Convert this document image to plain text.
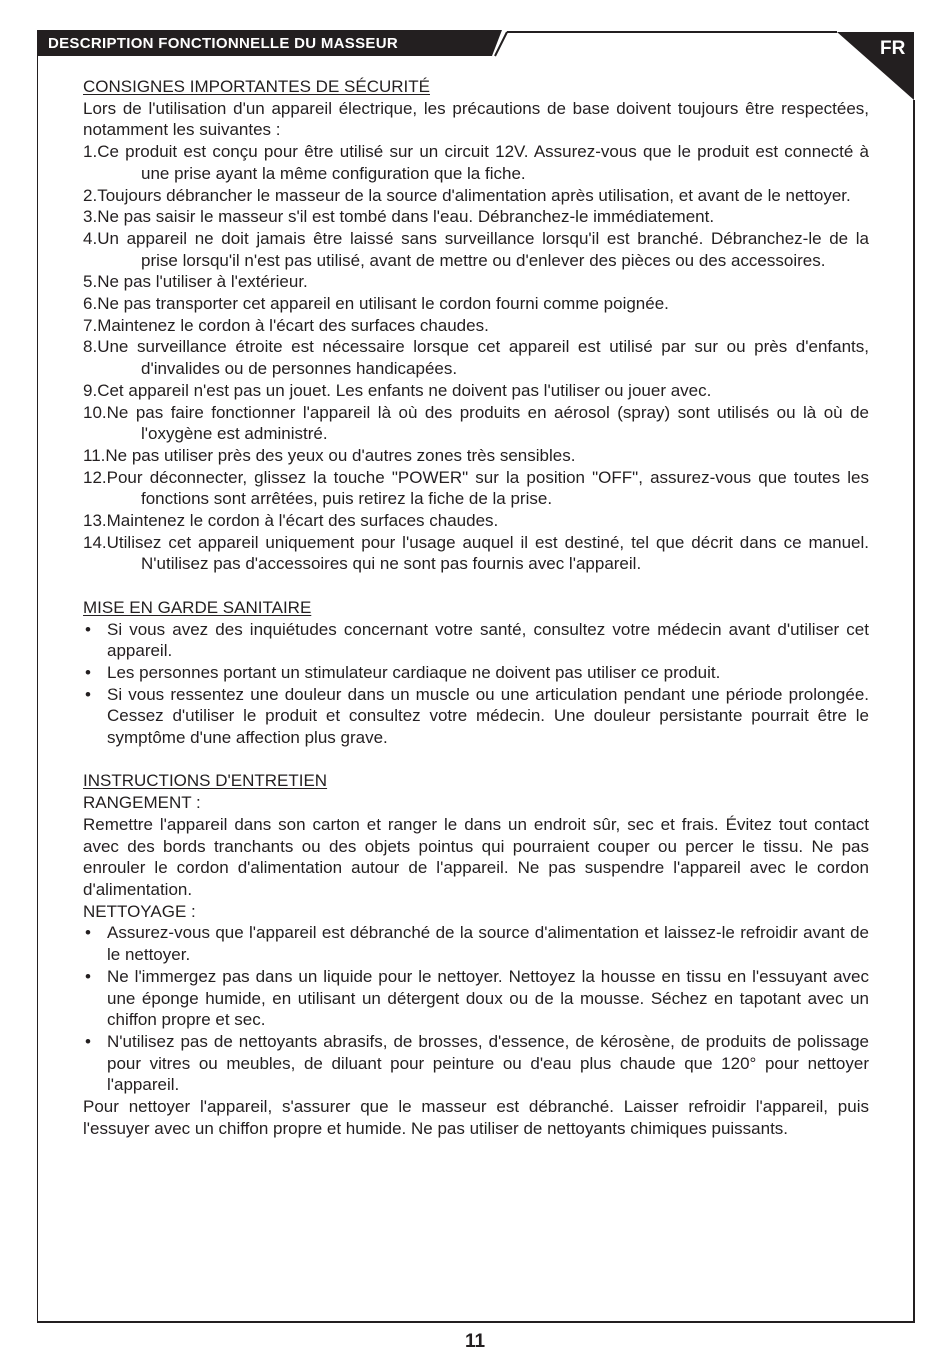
DESCRIPTION FONCTIONNELLE DU MASSEUR	FR

CONSIGNES IMPORTANTES DE SÉCURITÉ

Lors de l'utilisation d'un appareil électrique, les précautions de base doivent toujours être respectées, notamment les suivantes :

1.Ce produit est conçu pour être utilisé sur un circuit 12V. Assurez-vous que le produit est connecté à une prise ayant la même configuration que la fiche.
2.Toujours débrancher le masseur de la source d'alimentation après utilisation, et avant de le nettoyer.
3.Ne pas saisir le masseur s'il est tombé dans l'eau. Débranchez-le immédiatement.
4.Un appareil ne doit jamais être laissé sans surveillance lorsqu'il est branché. Débranchez-le de la prise lorsqu'il n'est pas utilisé, avant de mettre ou d'enlever des pièces ou des accessoires.
5.Ne pas l'utiliser à l'extérieur.
6.Ne pas transporter cet appareil en utilisant le cordon fourni comme poignée.
7.Maintenez le cordon à l'écart des surfaces chaudes.
8.Une surveillance étroite est nécessaire lorsque cet appareil est utilisé par sur ou près d'enfants, d'invalides ou de personnes handicapées.
9.Cet appareil n'est pas un jouet. Les enfants ne doivent pas l'utiliser ou jouer avec.
10.Ne pas faire fonctionner l'appareil là où des produits en aérosol (spray) sont utilisés ou là où de l'oxygène est administré.
11.Ne pas utiliser près des yeux ou d'autres zones très sensibles.
12.Pour déconnecter, glissez la touche "POWER" sur la position "OFF", assurez-vous que toutes les fonctions sont arrêtées, puis retirez la fiche de la prise.
13.Maintenez le cordon à l'écart des surfaces chaudes.
14.Utilisez cet appareil uniquement pour l'usage auquel il est destiné, tel que décrit dans ce manuel. N'utilisez pas d'accessoires qui ne sont pas fournis avec l'appareil.

MISE EN GARDE SANITAIRE

• Si vous avez des inquiétudes concernant votre santé, consultez votre médecin avant d'utiliser cet appareil.
• Les personnes portant un stimulateur cardiaque ne doivent pas utiliser ce produit.
• Si vous ressentez une douleur dans un muscle ou une articulation pendant une période prolongée. Cessez d'utiliser le produit et consultez votre médecin. Une douleur persistante pourrait être le symptôme d'une affection plus grave.

INSTRUCTIONS D'ENTRETIEN

RANGEMENT :

Remettre l'appareil dans son carton et ranger le dans un endroit sûr, sec et frais. Évitez tout contact avec des bords tranchants ou des objets pointus qui pourraient couper ou percer le tissu. Ne pas enrouler le cordon d'alimentation autour de l'appareil. Ne pas suspendre l'appareil avec le cordon d'alimentation.

NETTOYAGE :

• Assurez-vous que l'appareil est débranché de la source d'alimentation et laissez-le refroidir avant de le nettoyer.
• Ne l'immergez pas dans un liquide pour le nettoyer. Nettoyez la housse en tissu en l'essuyant avec une éponge humide, en utilisant un détergent doux ou de la mousse. Séchez en tapotant avec un chiffon propre et sec.
• N'utilisez pas de nettoyants abrasifs, de brosses, d'essence, de kérosène, de produits de polissage pour vitres ou meubles, de diluant pour peinture ou d'eau plus chaude que 120° pour nettoyer l'appareil.

Pour nettoyer l'appareil, s'assurer que le masseur est débranché. Laisser refroidir l'appareil, puis l'essuyer avec un chiffon propre et humide. Ne pas utiliser de nettoyants chimiques puissants.

11
